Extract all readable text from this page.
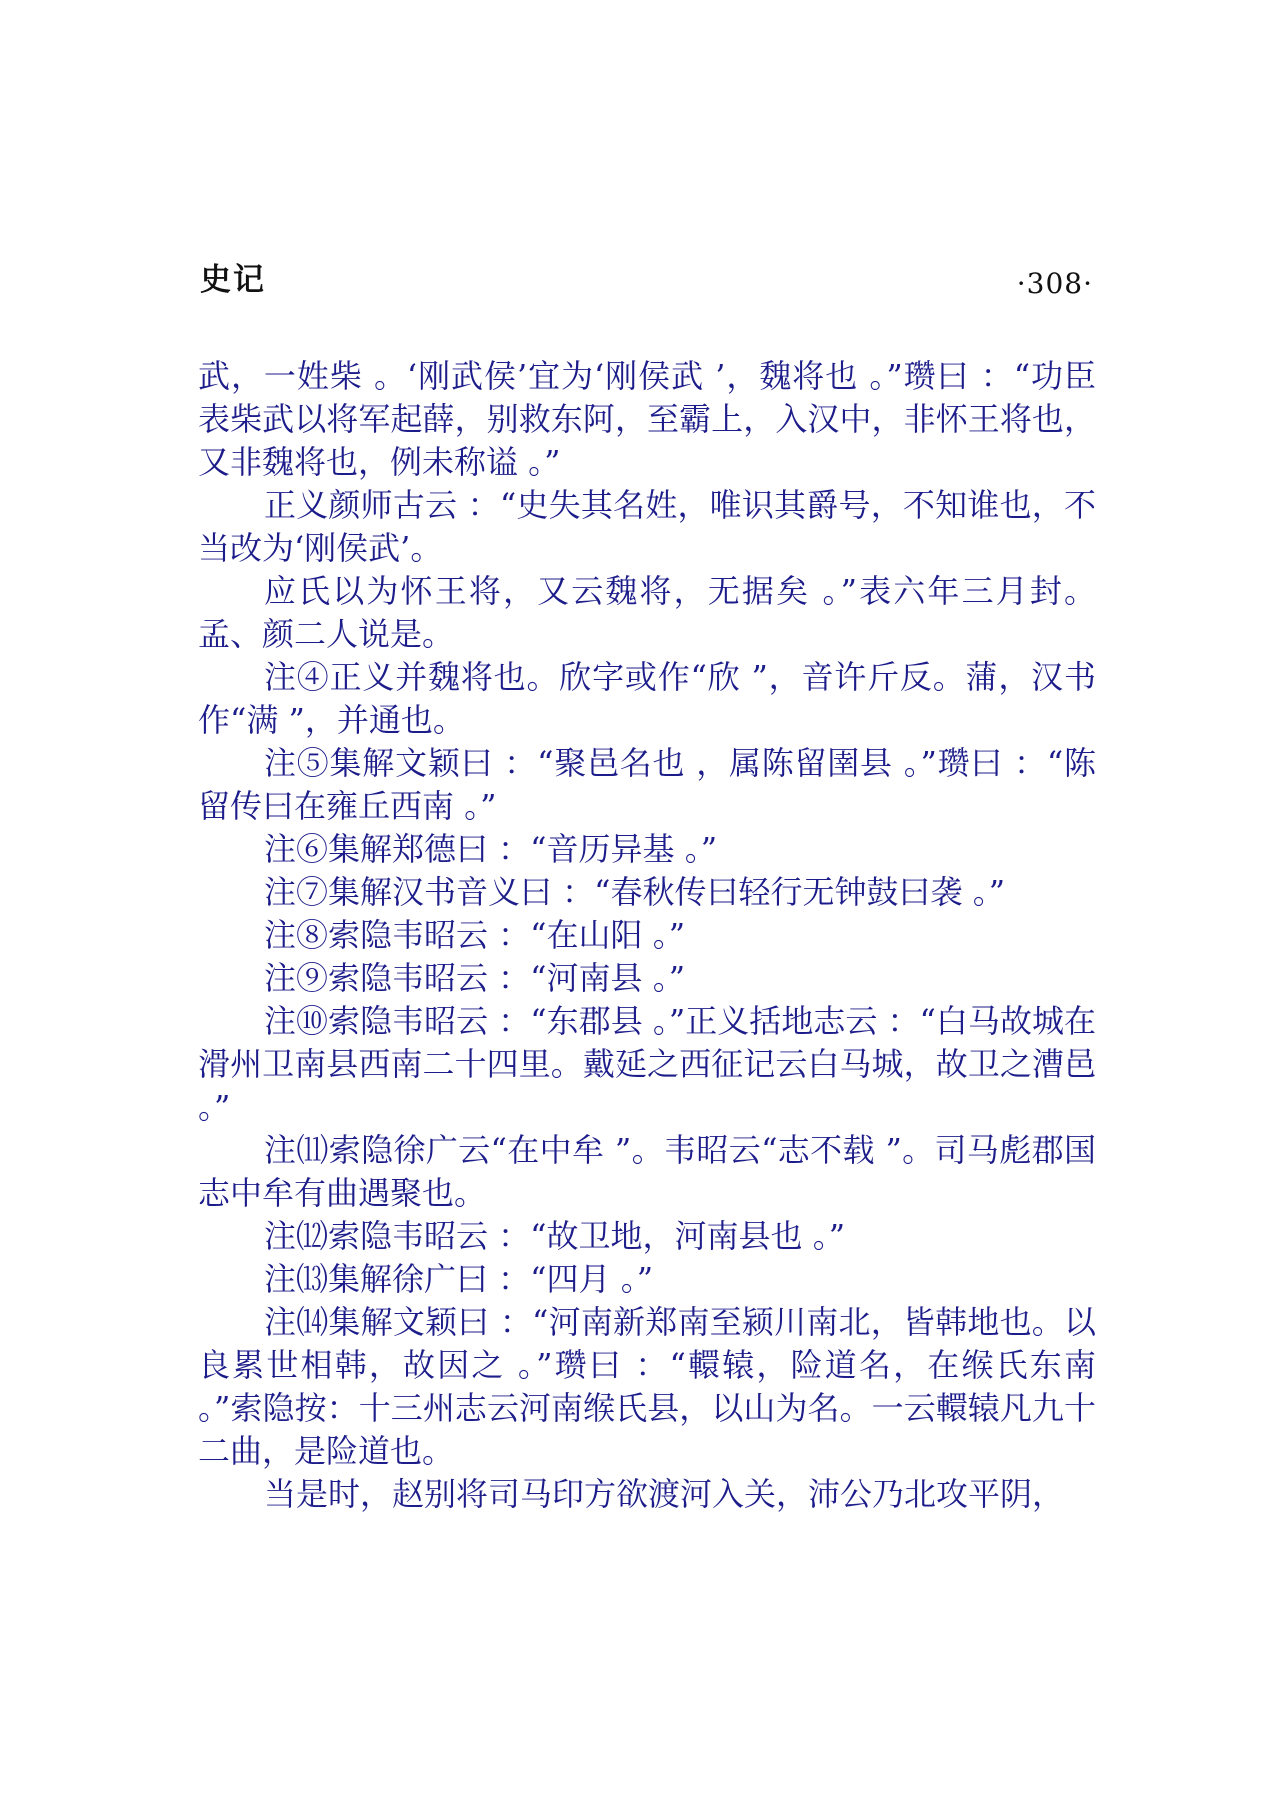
史记	·308·

武，一姓柴 。‘刚武侯’宜为‘刚侯武 ’，魏将也 。”瓒曰 ：“功臣表柴武以将军起薛，别救东阿，至霸上，入汉中，非怀王将也，又非魏将也，例未称谥 。”

正义颜师古云 ：“史失其名姓，唯识其爵号，不知谁也，不当改为‘刚侯武’。

应氏以为怀王将，又云魏将，无据矣 。”表六年三月封。孟、颜二人说是。

注④正义并魏将也。欣字或作“欣 ”，音许斤反。蒲，汉书作“满 ”，并通也。

注⑤集解文颖曰 ：“聚邑名也 ，属陈留圉县 。”瓒曰 ：“陈留传曰在雍丘西南 。”

注⑥集解郑德曰 ：“音历异基 。”

注⑦集解汉书音义曰 ：“春秋传曰轻行无钟鼓曰袭 。”

注⑧索隐韦昭云 ：“在山阳 。”

注⑨索隐韦昭云 ：“河南县 。”

注⑩索隐韦昭云 ：“东郡县 。”正义括地志云 ：“白马故城在滑州卫南县西南二十四里。戴延之西征记云白马城，故卫之漕邑 。”

注⑾索隐徐广云“在中牟 ”。韦昭云“志不载 ”。司马彪郡国志中牟有曲遇聚也。

注⑿索隐韦昭云 ：“故卫地，河南县也 。”

注⒀集解徐广曰 ：“四月 。”

注⒁集解文颖曰 ：“河南新郑南至颍川南北，皆韩地也。以良累世相韩，故因之 。”瓒曰 ：“轘辕，险道名，在缑氏东南 。”索隐按：十三州志云河南缑氏县，以山为名。一云轘辕凡九十二曲，是险道也。

当是时，赵别将司马印方欲渡河入关，沛公乃北攻平阴，
